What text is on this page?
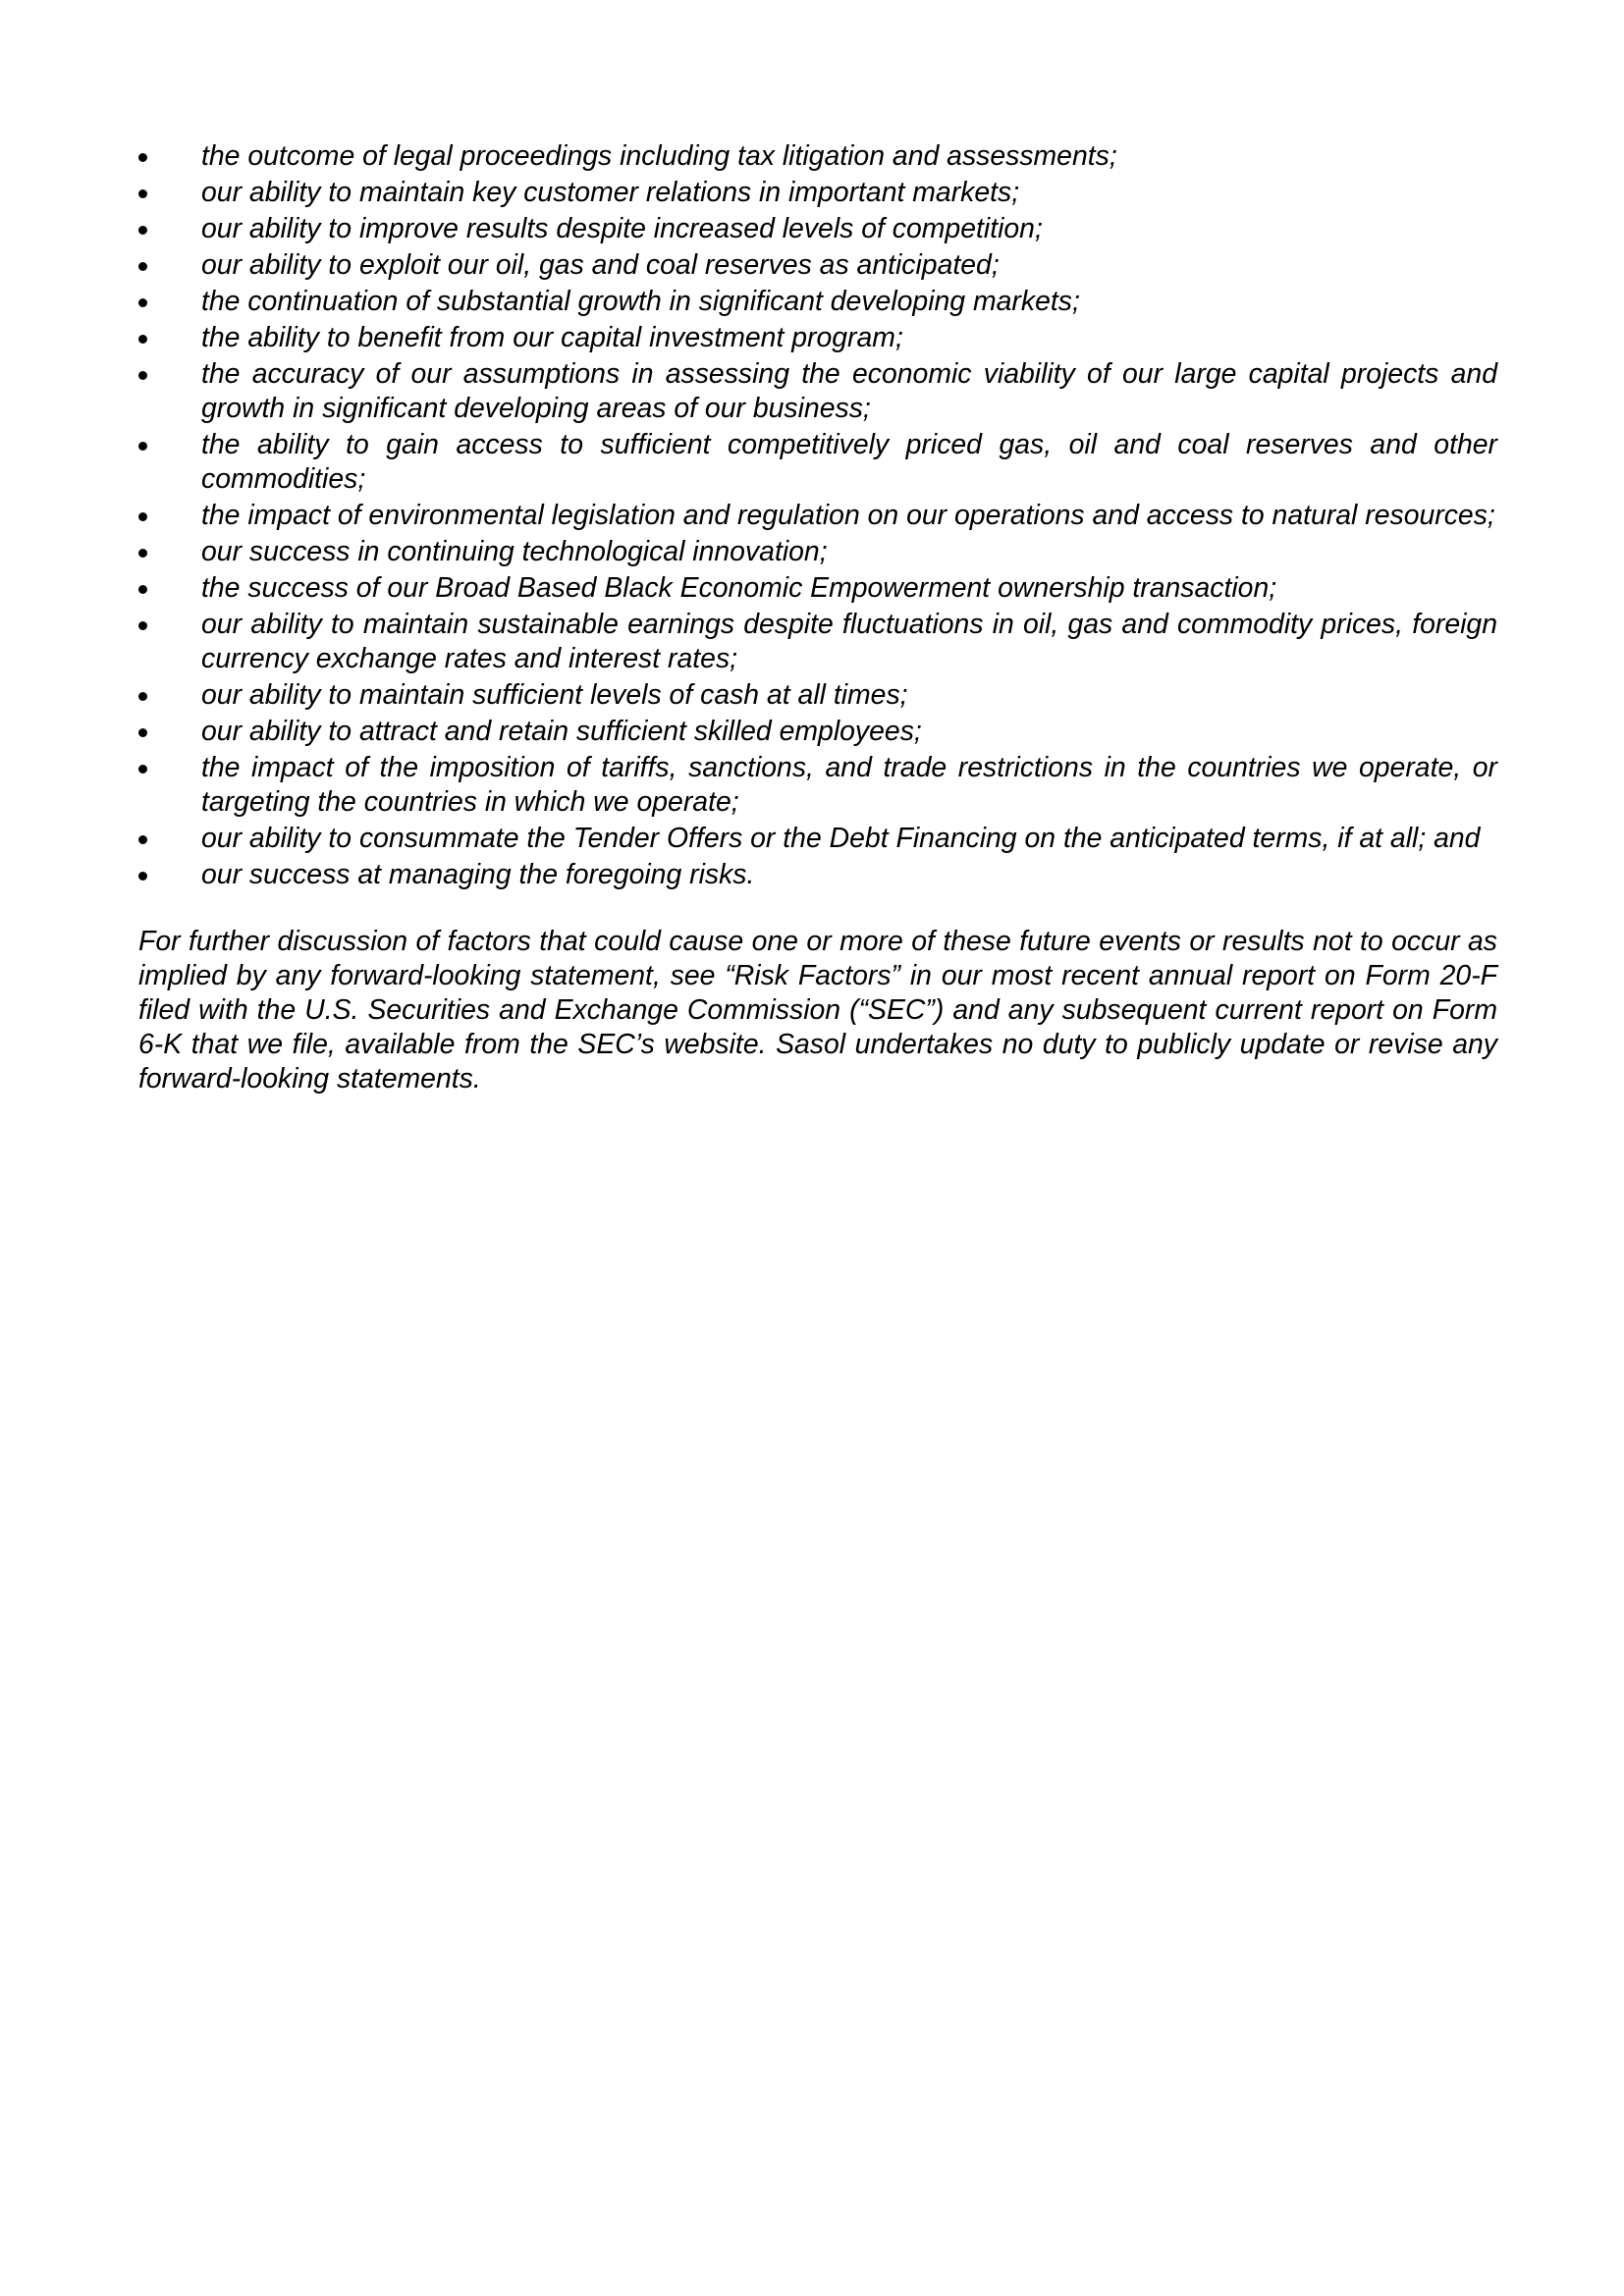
the outcome of legal proceedings including tax litigation and assessments;
our ability to maintain key customer relations in important markets;
our ability to improve results despite increased levels of competition;
our ability to exploit our oil, gas and coal reserves as anticipated;
the continuation of substantial growth in significant developing markets;
the ability to benefit from our capital investment program;
the accuracy of our assumptions in assessing the economic viability of our large capital projects and growth in significant developing areas of our business;
the ability to gain access to sufficient competitively priced gas, oil and coal reserves and other commodities;
the impact of environmental legislation and regulation on our operations and access to natural resources;
our success in continuing technological innovation;
the success of our Broad Based Black Economic Empowerment ownership transaction;
our ability to maintain sustainable earnings despite fluctuations in oil, gas and commodity prices, foreign currency exchange rates and interest rates;
our ability to maintain sufficient levels of cash at all times;
our ability to attract and retain sufficient skilled employees;
the impact of the imposition of tariffs, sanctions, and trade restrictions in the countries we operate, or targeting the countries in which we operate;
our ability to consummate the Tender Offers or the Debt Financing on the anticipated terms, if at all; and
our success at managing the foregoing risks.

For further discussion of factors that could cause one or more of these future events or results not to occur as implied by any forward-looking statement, see “Risk Factors” in our most recent annual report on Form 20-F filed with the U.S. Securities and Exchange Commission (“SEC”) and any subsequent current report on Form 6-K that we file, available from the SEC’s website. Sasol undertakes no duty to publicly update or revise any forward-looking statements.
